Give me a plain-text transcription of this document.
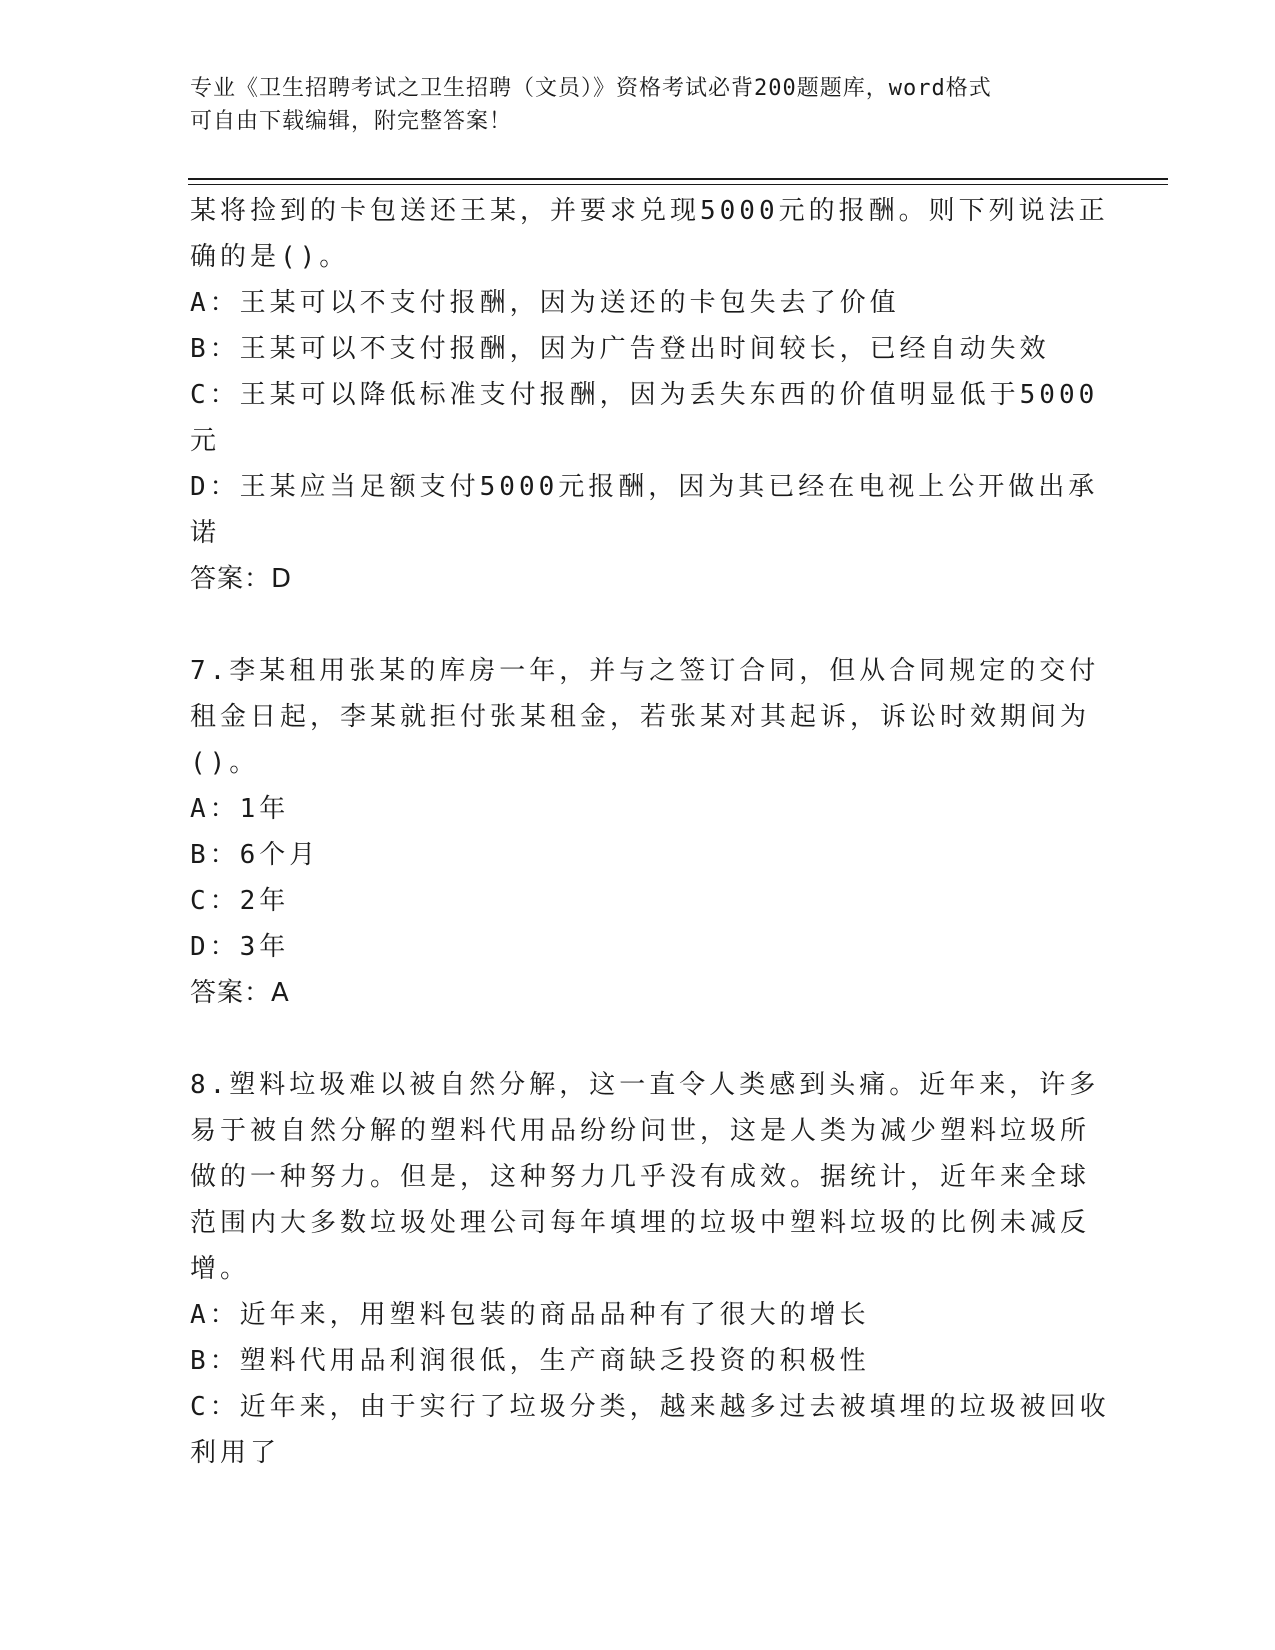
专业《卫生招聘考试之卫生招聘（文员）》资格考试必背200题题库，word格式
可自由下载编辑，附完整答案！
某将捡到的卡包送还王某，并要求兑现5000元的报酬。则下列说法正
确的是()。
A：王某可以不支付报酬，因为送还的卡包失去了价值
B：王某可以不支付报酬，因为广告登出时间较长，已经自动失效
C：王某可以降低标准支付报酬，因为丢失东西的价值明显低于5000
元
D：王某应当足额支付5000元报酬，因为其已经在电视上公开做出承
诺
答案：D
7.李某租用张某的库房一年，并与之签订合同，但从合同规定的交付
租金日起，李某就拒付张某租金，若张某对其起诉，诉讼时效期间为
()。
A：1年
B：6个月
C：2年
D：3年
答案：A
8.塑料垃圾难以被自然分解，这一直令人类感到头痛。近年来，许多
易于被自然分解的塑料代用品纷纷问世，这是人类为减少塑料垃圾所
做的一种努力。但是，这种努力几乎没有成效。据统计，近年来全球
范围内大多数垃圾处理公司每年填埋的垃圾中塑料垃圾的比例未减反
增。
A：近年来，用塑料包装的商品品种有了很大的增长
B：塑料代用品利润很低，生产商缺乏投资的积极性
C：近年来，由于实行了垃圾分类，越来越多过去被填埋的垃圾被回收
利用了
